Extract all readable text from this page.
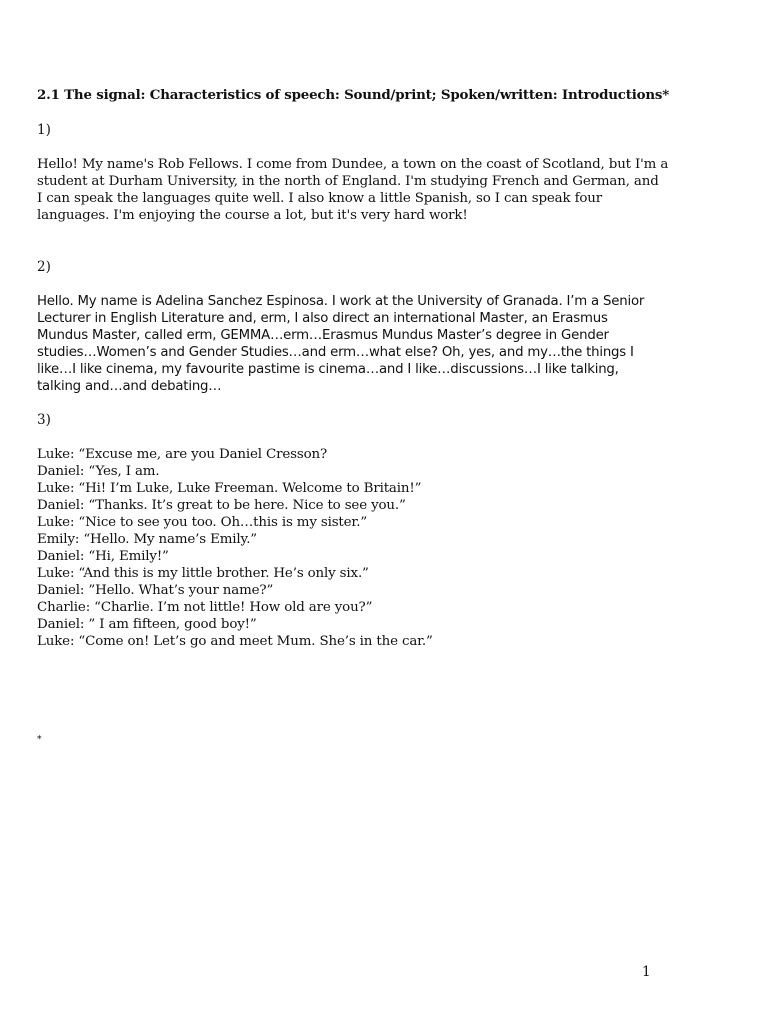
2.1 The signal: Characteristics of speech: Sound/print; Spoken/written: Introductions*
1)
Hello! My name's Rob Fellows. I come from Dundee, a town on the coast of Scotland, but I'm a
student at Durham University, in the north of England. I'm studying French and German, and
I can speak the languages quite well. I also know a little Spanish, so I can speak four
languages. I'm enjoying the course a lot, but it's very hard work!
2)
Hello. My name is Adelina Sanchez Espinosa. I work at the University of Granada. I’m a Senior
Lecturer in English Literature and, erm, I also direct an international Master, an Erasmus
Mundus Master, called erm, GEMMA…erm…Erasmus Mundus Master’s degree in Gender
studies…Women’s and Gender Studies…and erm…what else? Oh, yes, and my…the things I
like…I like cinema, my favourite pastime is cinema…and I like…discussions…I like talking,
talking and…and debating…
3)
Luke: “Excuse me, are you Daniel Cresson?
Daniel: “Yes, I am.
Luke: “Hi! I’m Luke, Luke Freeman. Welcome to Britain!”
Daniel: “Thanks. It’s great to be here. Nice to see you.”
Luke: “Nice to see you too. Oh…this is my sister.”
Emily: “Hello. My name’s Emily.”
Daniel: “Hi, Emily!”
Luke: “And this is my little brother. He’s only six.”
Daniel: ”Hello. What’s your name?”
Charlie: “Charlie. I’m not little! How old are you?”
Daniel: ” I am fifteen, good boy!”
Luke: “Come on! Let’s go and meet Mum. She’s in the car.”
*
1
